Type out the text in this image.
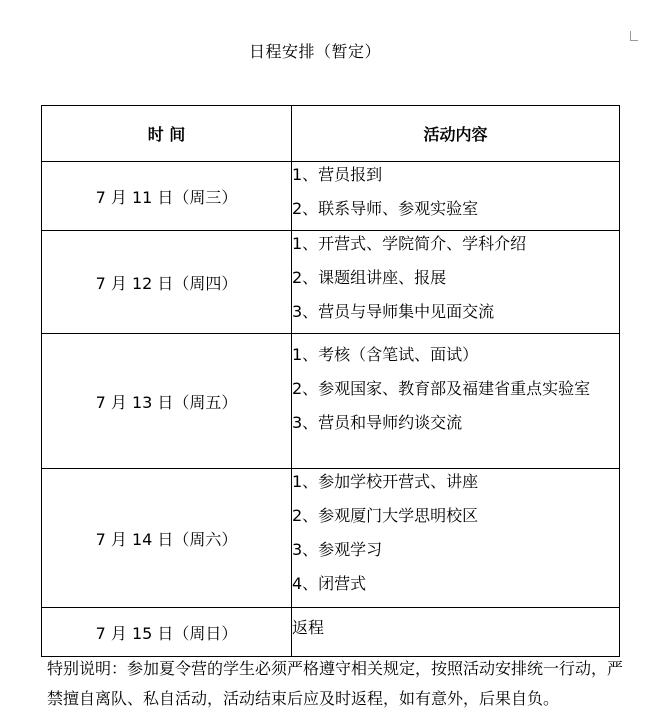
日程安排（暂定）
时 间	活动内容
7 月 11 日（周三）	1、营员报到
2、联系导师、参观实验室

7 月 12 日（周四）	1、开营式、学院简介、学科介绍
2、课题组讲座、报展
3、营员与导师集中见面交流

7 月 13 日（周五）	1、考核（含笔试、面试）
2、参观国家、教育部及福建省重点实验室
3、营员和导师约谈交流

7 月 14 日（周六）	1、参加学校开营式、讲座
2、参观厦门大学思明校区
3、参观学习
4、闭营式

7 月 15 日（周日）	返程
特别说明：参加夏令营的学生必须严格遵守相关规定，按照活动安排统一行动，严禁擅自离队、私自活动，活动结束后应及时返程，如有意外，后果自负。
